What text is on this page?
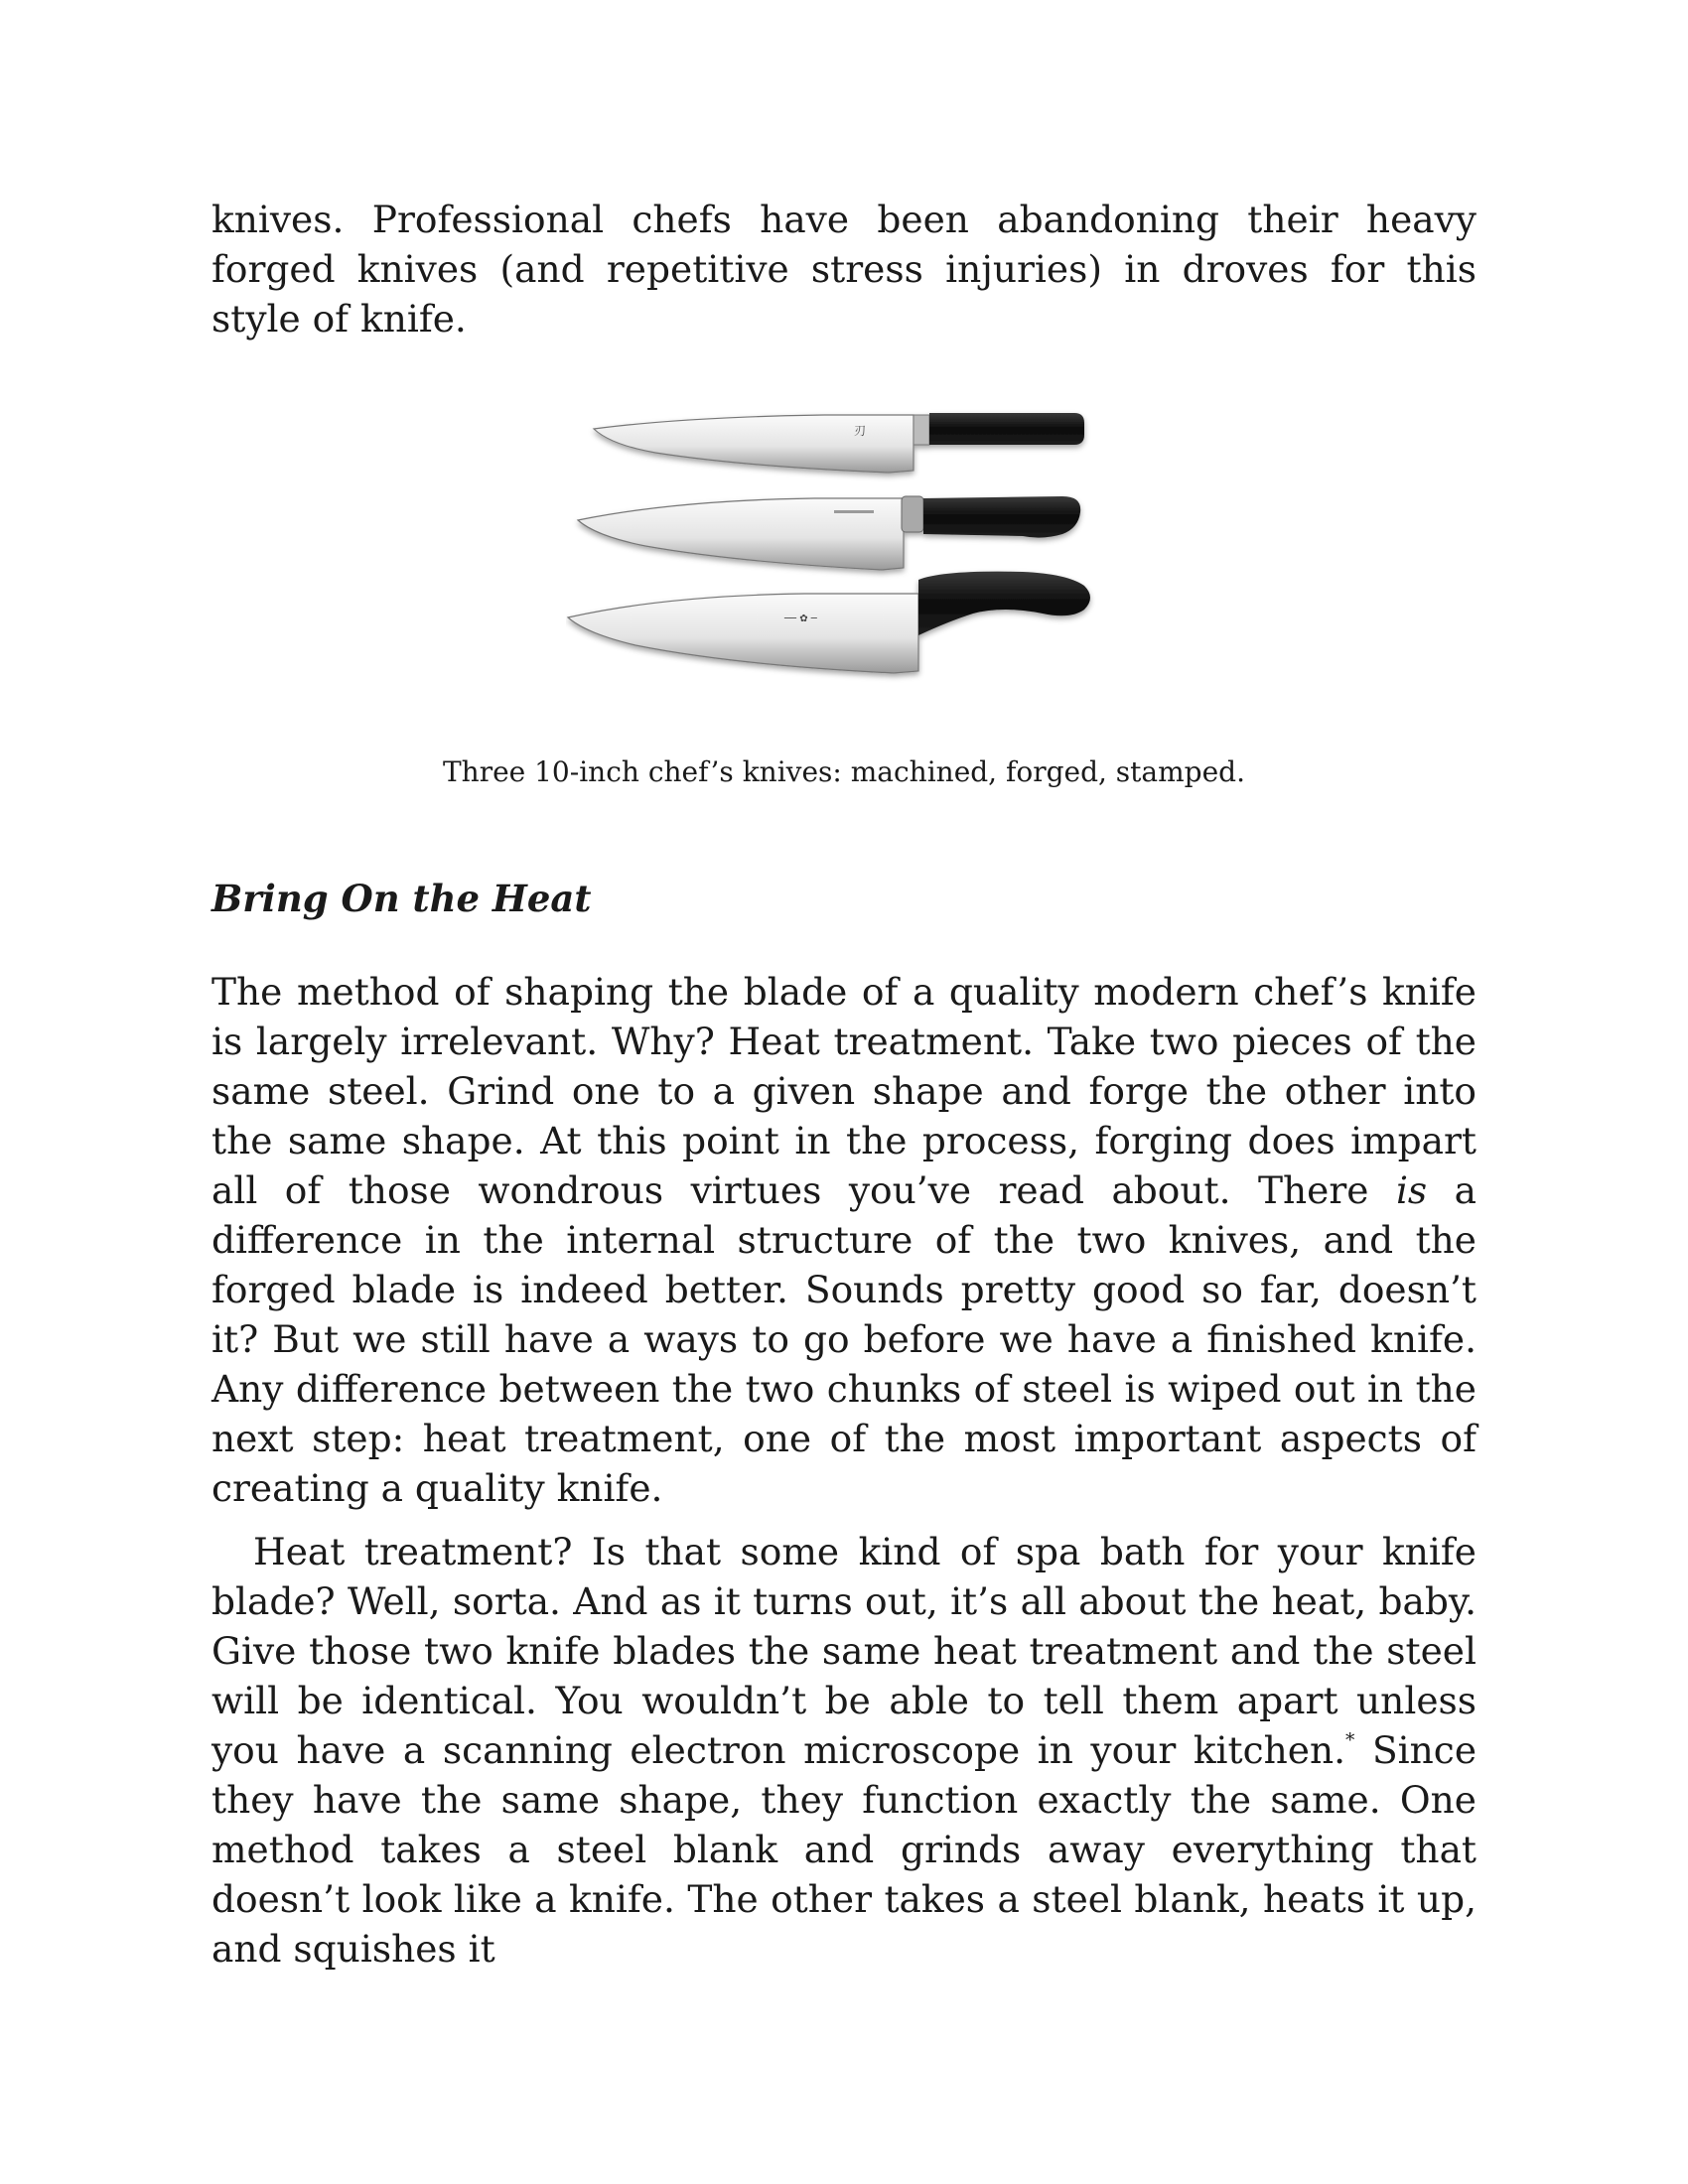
knives. Professional chefs have been abandoning their heavy forged knives (and repetitive stress injuries) in droves for this style of knife.

刃
── ✿ ─
Three 10-inch chef’s knives: machined, forged, stamped.
Bring On the Heat

The method of shaping the blade of a quality modern chef’s knife is largely irrelevant. Why? Heat treatment. Take two pieces of the same steel. Grind one to a given shape and forge the other into the same shape. At this point in the process, forging does impart all of those wondrous virtues you’ve read about. There is a difference in the internal structure of the two knives, and the forged blade is indeed better. Sounds pretty good so far, doesn’t it? But we still have a ways to go before we have a finished knife. Any difference between the two chunks of steel is wiped out in the next step: heat treatment, one of the most important aspects of creating a quality knife.

Heat treatment? Is that some kind of spa bath for your knife blade? Well, sorta. And as it turns out, it’s all about the heat, baby. Give those two knife blades the same heat treatment and the steel will be identical. You wouldn’t be able to tell them apart unless you have a scanning electron microscope in your kitchen.* Since they have the same shape, they function exactly the same. One method takes a steel blank and grinds away everything that doesn’t look like a knife. The other takes a steel blank, heats it up, and squishes it
